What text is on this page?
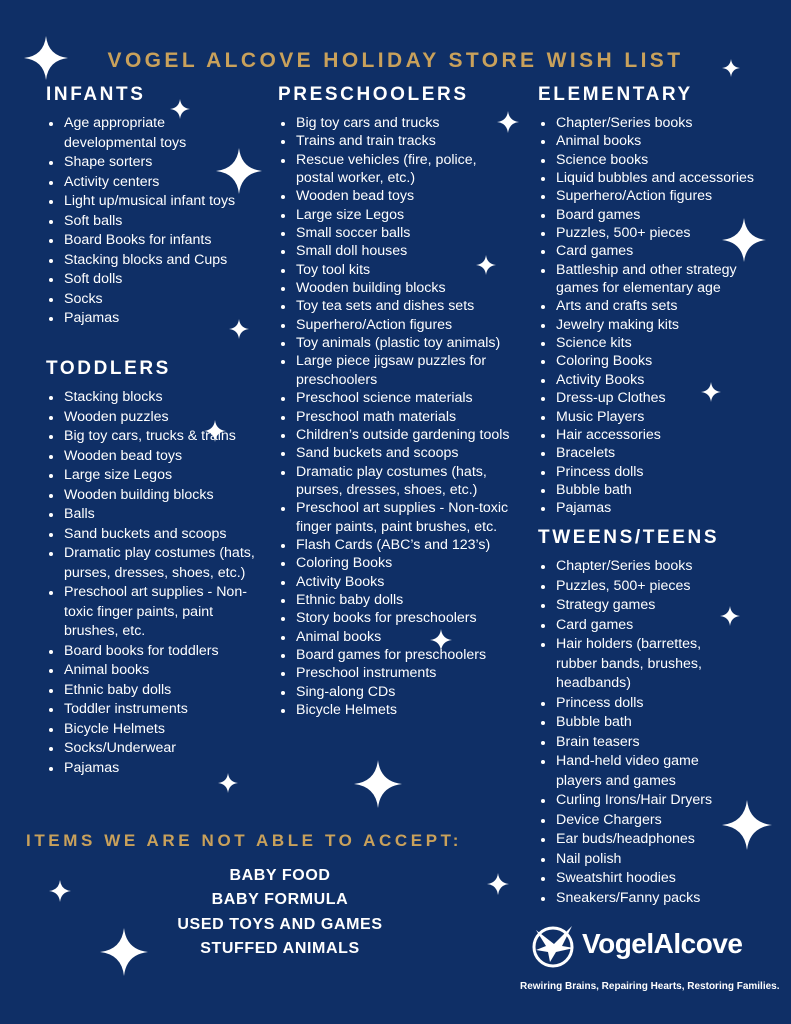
VOGEL ALCOVE HOLIDAY STORE WISH LIST
INFANTS
Age appropriate developmental toys
Shape sorters
Activity centers
Light up/musical infant toys
Soft balls
Board Books for infants
Stacking blocks and Cups
Soft dolls
Socks
Pajamas
TODDLERS
Stacking blocks
Wooden puzzles
Big toy cars, trucks & trains
Wooden bead toys
Large size Legos
Wooden building blocks
Balls
Sand buckets and scoops
Dramatic play costumes (hats, purses, dresses, shoes, etc.)
Preschool art supplies - Non-toxic finger paints, paint brushes, etc.
Board books for toddlers
Animal books
Ethnic baby dolls
Toddler instruments
Bicycle Helmets
Socks/Underwear
Pajamas
PRESCHOOLERS
Big toy cars and trucks
Trains and train tracks
Rescue vehicles (fire, police, postal worker, etc.)
Wooden bead toys
Large size Legos
Small soccer balls
Small doll houses
Toy tool kits
Wooden building blocks
Toy tea sets and dishes sets
Superhero/Action figures
Toy animals (plastic toy animals)
Large piece jigsaw puzzles for preschoolers
Preschool science materials
Preschool math materials
Children’s outside gardening tools
Sand buckets and scoops
Dramatic play costumes (hats, purses, dresses, shoes, etc.)
Preschool art supplies - Non-toxic finger paints, paint brushes, etc.
Flash Cards (ABC’s and 123’s)
Coloring Books
Activity Books
Ethnic baby dolls
Story books for preschoolers
Animal books
Board games for preschoolers
Preschool instruments
Sing-along CDs
Bicycle Helmets
ELEMENTARY
Chapter/Series books
Animal books
Science books
Liquid bubbles and accessories
Superhero/Action figures
Board games
Puzzles, 500+ pieces
Card games
Battleship and other strategy games for elementary age
Arts and crafts sets
Jewelry making kits
Science kits
Coloring Books
Activity Books
Dress-up Clothes
Music Players
Hair accessories
Bracelets
Princess dolls
Bubble bath
Pajamas
TWEENS/TEENS
Chapter/Series books
Puzzles, 500+ pieces
Strategy games
Card games
Hair holders (barrettes, rubber bands, brushes, headbands)
Princess dolls
Bubble bath
Brain teasers
Hand-held video game players and games
Curling Irons/Hair Dryers
Device Chargers
Ear buds/headphones
Nail polish
Sweatshirt hoodies
Sneakers/Fanny packs
ITEMS WE ARE NOT ABLE TO ACCEPT:
BABY FOOD
BABY FORMULA
USED TOYS AND GAMES
STUFFED ANIMALS	VogelAlcove
Rewiring Brains, Repairing Hearts, Restoring Families.
